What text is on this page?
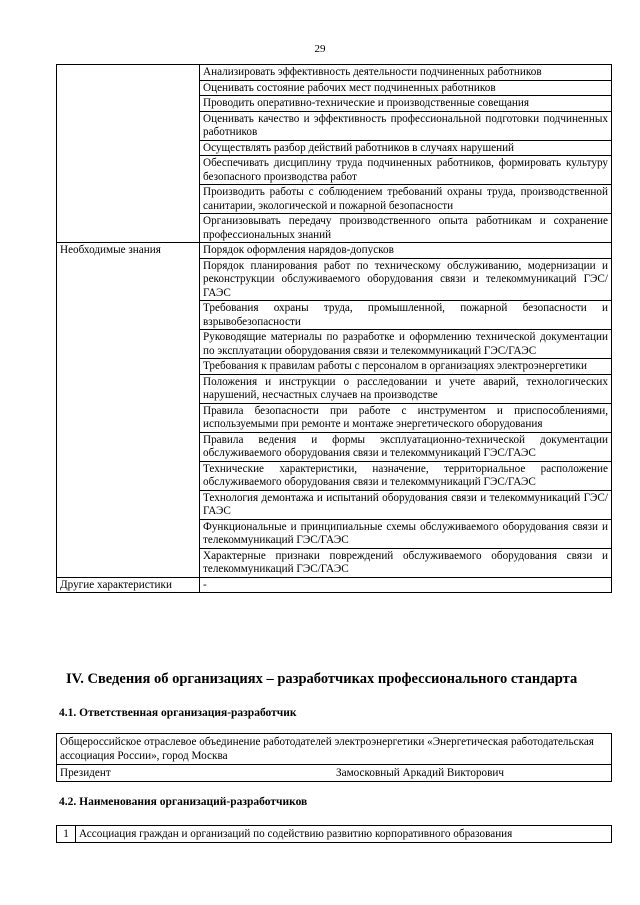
29
	Анализировать эффективность деятельности подчиненных работников
	Оценивать состояние рабочих мест подчиненных работников
	Проводить оперативно-технические и производственные совещания
	Оценивать качество и эффективность профессиональной подготовки подчиненных работников
	Осуществлять разбор действий работников в случаях нарушений
	Обеспечивать дисциплину труда подчиненных работников, формировать культуру безопасного производства работ
	Производить работы с соблюдением требований охраны труда, производственной санитарии, экологической и пожарной безопасности
	Организовывать передачу производственного опыта работникам и сохранение профессиональных знаний
Необходимые знания	Порядок оформления нарядов-допусков
	Порядок планирования работ по техническому обслуживанию, модернизации и реконструкции обслуживаемого оборудования связи и телекоммуникаций ГЭС/ГАЭС
	Требования охраны труда, промышленной, пожарной безопасности и взрывобезопасности
	Руководящие материалы по разработке и оформлению технической документации по эксплуатации оборудования связи и телекоммуникаций ГЭС/ГАЭС
	Требования к правилам работы с персоналом в организациях электроэнергетики
	Положения и инструкции о расследовании и учете аварий, технологических нарушений, несчастных случаев на производстве
	Правила безопасности при работе с инструментом и приспособлениями, используемыми при ремонте и монтаже энергетического оборудования
	Правила ведения и формы эксплуатационно-технической документации обслуживаемого оборудования связи и телекоммуникаций ГЭС/ГАЭС
	Технические характеристики, назначение, территориальное расположение обслуживаемого оборудования связи и телекоммуникаций ГЭС/ГАЭС
	Технология демонтажа и испытаний оборудования связи и телекоммуникаций ГЭС/ГАЭС
	Функциональные и принципиальные схемы обслуживаемого оборудования связи и телекоммуникаций ГЭС/ГАЭС
	Характерные признаки повреждений обслуживаемого оборудования связи и телекоммуникаций ГЭС/ГАЭС
Другие характеристики	-
IV. Сведения об организациях – разработчиках профессионального стандарта
4.1. Ответственная организация-разработчик
Общероссийское отраслевое объединение работодателей электроэнергетики «Энергетическая работодательская ассоциация России», город Москва
Президент	Замосковный Аркадий Викторович
4.2. Наименования организаций-разработчиков
1	Ассоциация граждан и организаций по содействию развитию корпоративного образования
